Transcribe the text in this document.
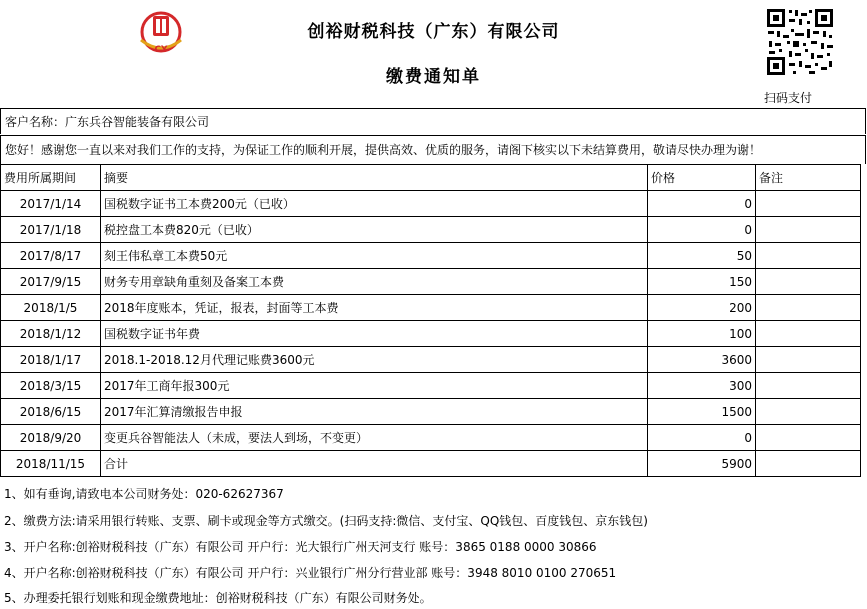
CY
创裕财税科技（广东）有限公司
缴费通知单
扫码支付
客户名称：广东兵谷智能装备有限公司
您好！感谢您一直以来对我们工作的支持，为保证工作的顺利开展，提供高效、优质的服务，请阁下核实以下未结算费用，敬请尽快办理为谢！
费用所属期间	摘要	价格	备注
2017/1/14	国税数字证书工本费200元（已收）	0	
2017/1/18	税控盘工本费820元（已收）	0	
2017/8/17	刻王伟私章工本费50元	50	
2017/9/15	财务专用章缺角重刻及备案工本费	150	
2018/1/5	2018年度账本，凭证，报表，封面等工本费	200	
2018/1/12	国税数字证书年费	100	
2018/1/17	2018.1-2018.12月代理记账费3600元	3600	
2018/3/15	2017年工商年报300元	300	
2018/6/15	2017年汇算清缴报告申报	1500	
2018/9/20	变更兵谷智能法人（未成，要法人到场，不变更）	0	
2018/11/15	合计	5900	
1、如有垂询,请致电本公司财务处：020-62627367
2、缴费方法:请采用银行转账、支票、刷卡或现金等方式缴交。(扫码支持:微信、支付宝、QQ钱包、百度钱包、京东钱包)
3、开户名称:创裕财税科技（广东）有限公司 开户行：光大银行广州天河支行 账号：3865 0188 0000 30866
4、开户名称:创裕财税科技（广东）有限公司 开户行：兴业银行广州分行营业部 账号：3948 8010 0100 270651
5、办理委托银行划账和现金缴费地址：创裕财税科技（广东）有限公司财务处。
